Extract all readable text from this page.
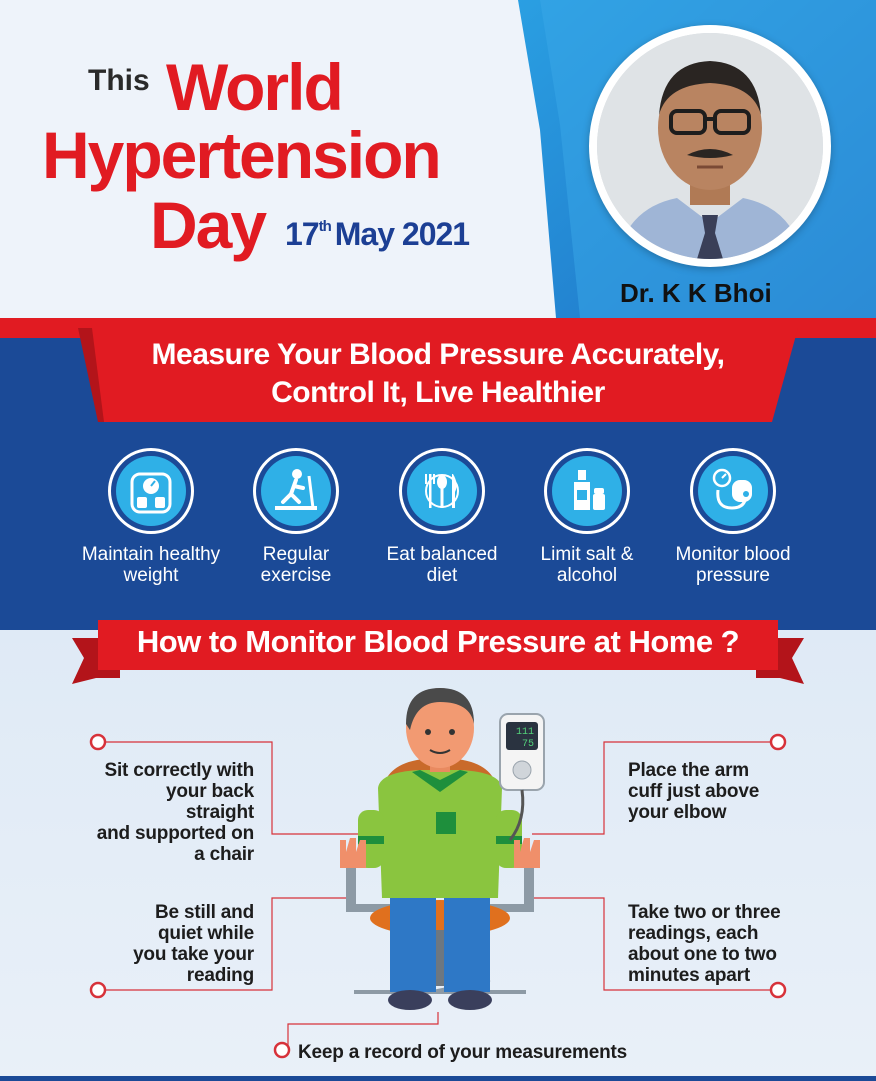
This World
Hypertension
Day 17th May 2021
Dr. K K Bhoi
Measure Your Blood Pressure Accurately,
Control It, Live Healthier
Maintain healthy
weight
Regular
exercise
Eat balanced
diet
Limit salt &
alcohol
Monitor blood
pressure
How to Monitor Blood Pressure at Home ?
111
75
Sit correctly with
your back straight
and supported on
a chair
Be still and
quiet while
you take your
reading
Place the arm
cuff just above
your elbow
Take two or three
readings, each
about one to two
minutes apart
Keep a record of your measurements
